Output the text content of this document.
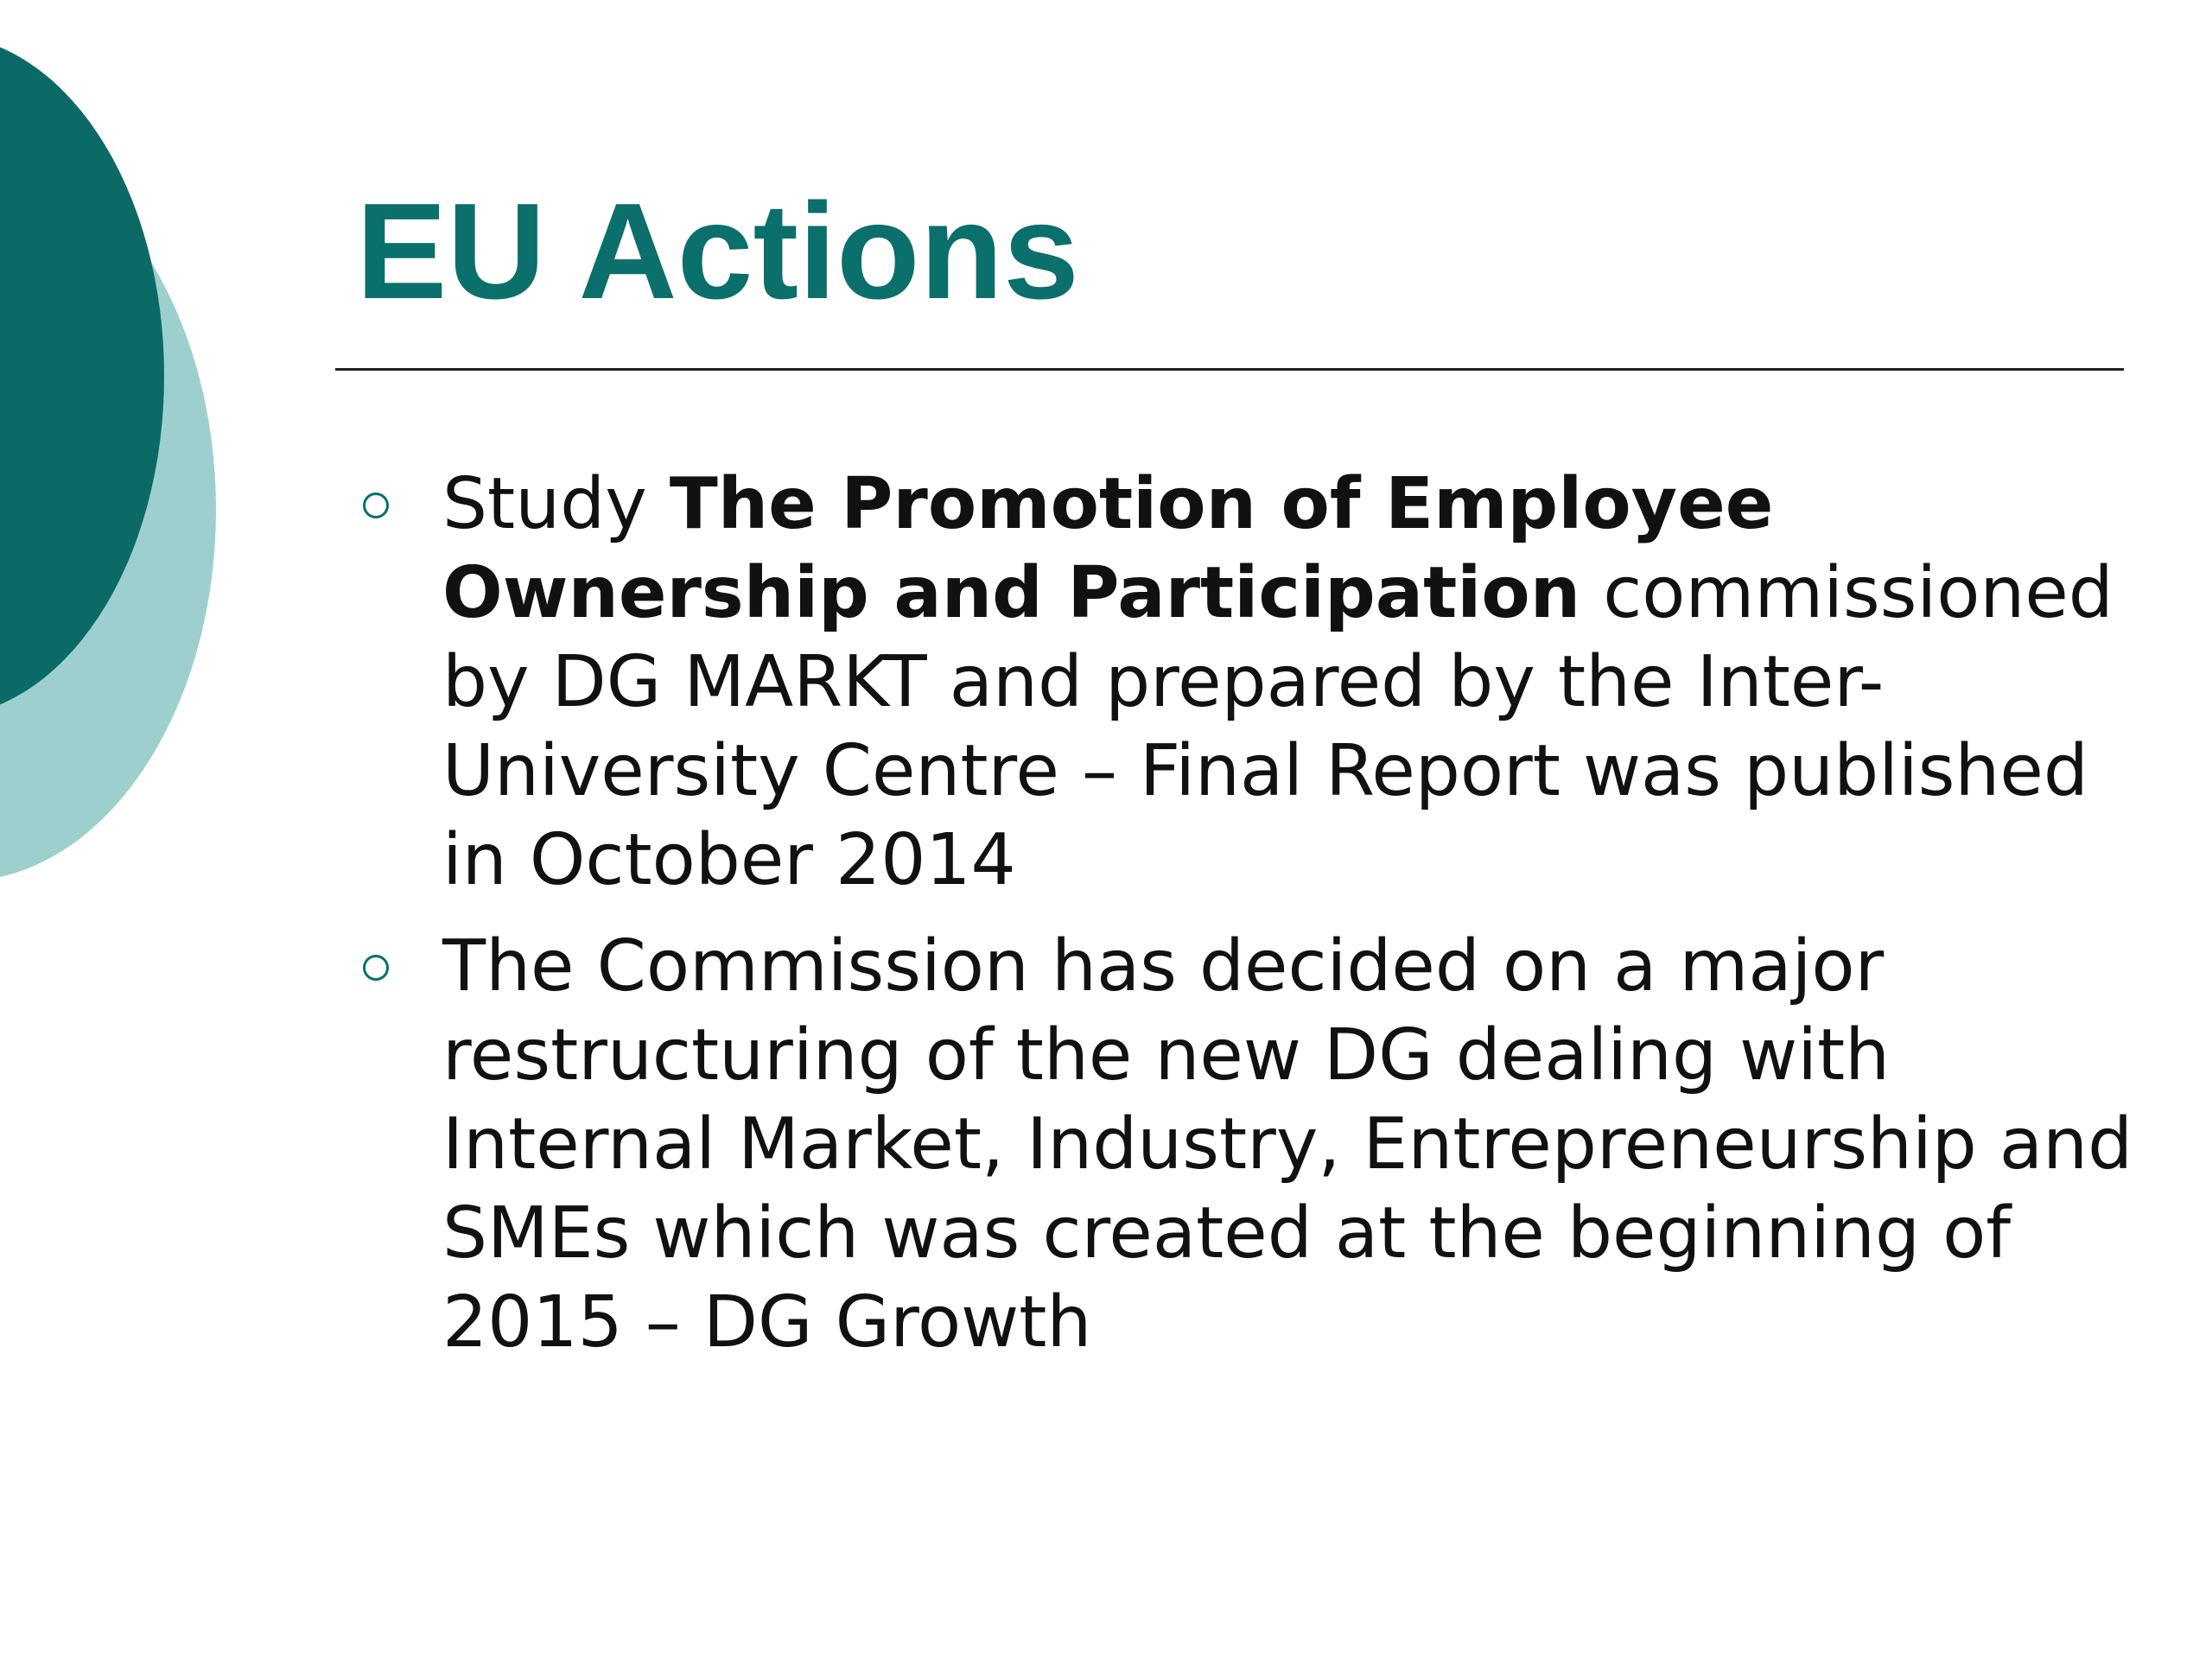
EU Actions
Study The Promotion of Employee Ownership and Participation commissioned by DG MARKT and prepared by the Inter-University Centre – Final Report was published in October 2014
The Commission has decided on a major restructuring of the new DG dealing with Internal Market, Industry, Entrepreneurship and SMEs which was created at the beginning of 2015 – DG Growth
